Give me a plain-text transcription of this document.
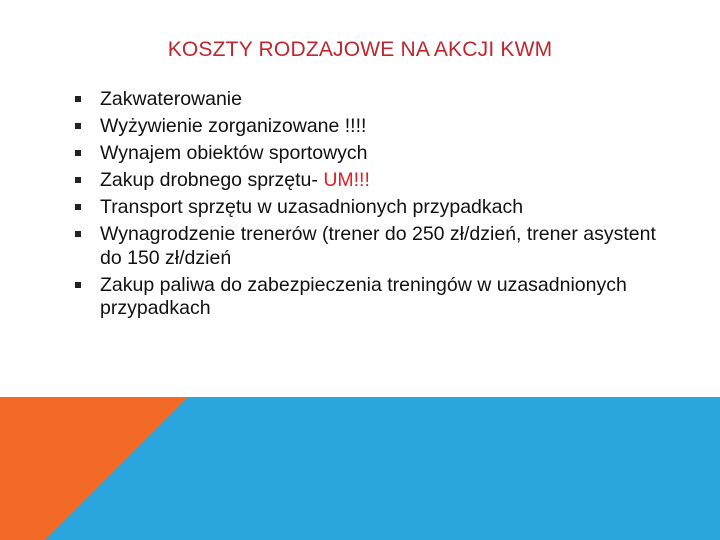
KOSZTY RODZAJOWE NA AKCJI KWM
Zakwaterowanie
Wyżywienie zorganizowane !!!!
Wynajem obiektów sportowych
Zakup drobnego sprzętu- UM!!!
Transport sprzętu w uzasadnionych przypadkach
Wynagrodzenie trenerów (trener do 250 zł/dzień, trener asystent do 150 zł/dzień
Zakup paliwa do zabezpieczenia treningów w uzasadnionych przypadkach
